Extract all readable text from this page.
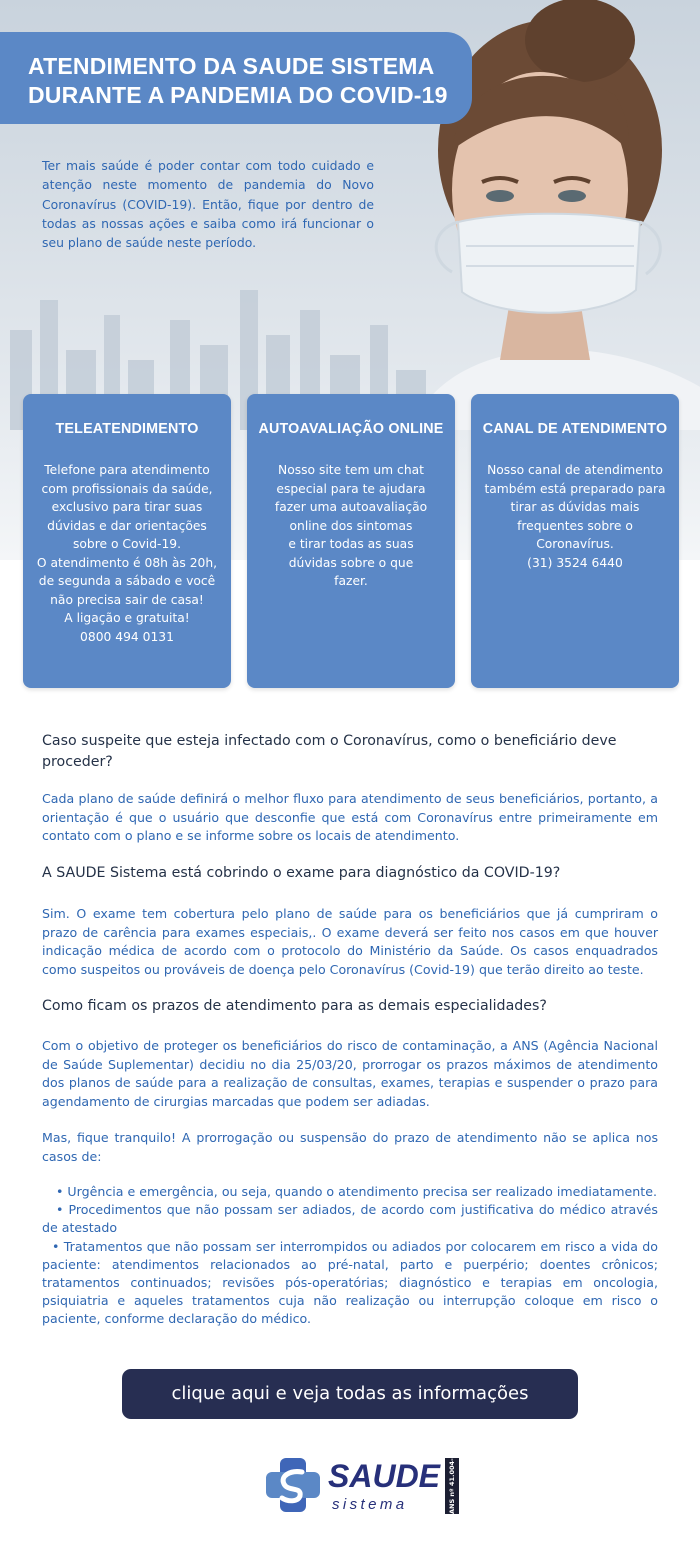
ATENDIMENTO DA SAUDE SISTEMA
DURANTE A PANDEMIA DO COVID-19

Ter mais saúde é poder contar com todo cuidado e atenção neste momento de pandemia do Novo Coronavírus (COVID-19). Então, fique por dentro de todas as nossas ações e saiba como irá funcionar o seu plano de saúde neste período.

TELEATENDIMENTO
Telefone para atendimento
com profissionais da saúde,
exclusivo para tirar suas
dúvidas e dar orientações
sobre o Covid-19.
O atendimento é 08h às 20h,
de segunda a sábado e você
não precisa sair de casa!
A ligação e gratuita!
0800 494 0131
AUTOAVALIAÇÃO ONLINE
Nosso site tem um chat
especial para te ajudara
fazer uma autoavaliação
online dos sintomas
e tirar todas as suas
dúvidas sobre o que
fazer.
CANAL DE ATENDIMENTO
Nosso canal de atendimento
também está preparado para
tirar as dúvidas mais
frequentes sobre o
Coronavírus.
(31) 3524 6440

Caso suspeite que esteja infectado com o Coronavírus, como o beneficiário deve proceder?

Cada plano de saúde definirá o melhor fluxo para atendimento de seus beneficiários, portanto, a orientação é que o usuário que desconfie que está com Coronavírus entre primeiramente em contato com o plano e se informe sobre os locais de atendimento.

A SAUDE Sistema está cobrindo o exame para diagnóstico da COVID-19?

Sim. O exame tem cobertura pelo plano de saúde para os beneficiários que já cumpriram o prazo de carência para exames especiais,. O exame deverá ser feito nos casos em que houver indicação médica de acordo com o protocolo do Ministério da Saúde. Os casos enquadrados como suspeitos ou prováveis de doença pelo Coronavírus (Covid-19) que terão direito ao teste.

Como ficam os prazos de atendimento para as demais especialidades?

Com o objetivo de proteger os beneficiários do risco de contaminação, a ANS (Agência Nacional de Saúde Suplementar) decidiu no dia 25/03/20, prorrogar os prazos máximos de atendimento dos planos de saúde para a realização de consultas, exames, terapias e suspender o prazo para agendamento de cirurgias marcadas que podem ser adiadas.

Mas, fique tranquilo! A prorrogação ou suspensão do prazo de atendimento não se aplica nos casos de:

• Urgência e emergência, ou seja, quando o atendimento precisa ser realizado imediatamente.

• Procedimentos que não possam ser adiados, de acordo com justificativa do médico através de atestado

• Tratamentos que não possam ser interrompidos ou adiados por colocarem em risco a vida do paciente: atendimentos relacionados ao pré-natal, parto e puerpério; doentes crônicos; tratamentos continuados; revisões pós-operatórias; diagnóstico e terapias em oncologia, psiquiatria e aqueles tratamentos cuja não realização ou interrupção coloque em risco o paciente, conforme declaração do médico.

clique aqui e veja todas as informações
SAUDE
sistema	ANS nº 41.004-7
